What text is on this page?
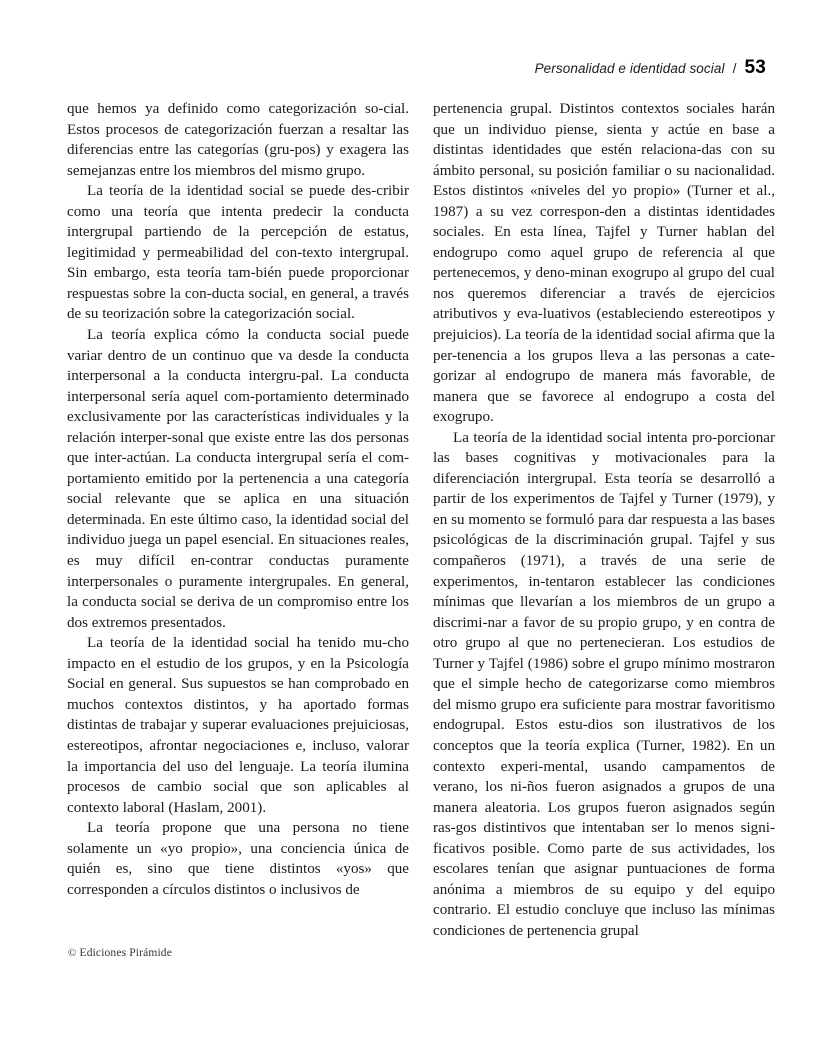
Personalidad e identidad social / 53

que hemos ya definido como categorización so-cial. Estos procesos de categorización fuerzan a resaltar las diferencias entre las categorías (gru-pos) y exagera las semejanzas entre los miembros del mismo grupo.

La teoría de la identidad social se puede des-cribir como una teoría que intenta predecir la conducta intergrupal partiendo de la percepción de estatus, legitimidad y permeabilidad del con-texto intergrupal. Sin embargo, esta teoría tam-bién puede proporcionar respuestas sobre la con-ducta social, en general, a través de su teorización sobre la categorización social.

La teoría explica cómo la conducta social puede variar dentro de un continuo que va desde la conducta interpersonal a la conducta intergru-pal. La conducta interpersonal sería aquel com-portamiento determinado exclusivamente por las características individuales y la relación interper-sonal que existe entre las dos personas que inter-actúan. La conducta intergrupal sería el com-portamiento emitido por la pertenencia a una categoría social relevante que se aplica en una situación determinada. En este último caso, la identidad social del individuo juega un papel esencial. En situaciones reales, es muy difícil en-contrar conductas puramente interpersonales o puramente intergrupales. En general, la conducta social se deriva de un compromiso entre los dos extremos presentados.

La teoría de la identidad social ha tenido mu-cho impacto en el estudio de los grupos, y en la Psicología Social en general. Sus supuestos se han comprobado en muchos contextos distintos, y ha aportado formas distintas de trabajar y superar evaluaciones prejuiciosas, estereotipos, afrontar negociaciones e, incluso, valorar la importancia del uso del lenguaje. La teoría ilumina procesos de cambio social que son aplicables al contexto laboral (Haslam, 2001).

La teoría propone que una persona no tiene solamente un «yo propio», una conciencia única de quién es, sino que tiene distintos «yos» que corresponden a círculos distintos o inclusivos de

pertenencia grupal. Distintos contextos sociales harán que un individuo piense, sienta y actúe en base a distintas identidades que estén relaciona-das con su ámbito personal, su posición familiar o su nacionalidad. Estos distintos «niveles del yo propio» (Turner et al., 1987) a su vez correspon-den a distintas identidades sociales. En esta línea, Tajfel y Turner hablan del endogrupo como aquel grupo de referencia al que pertenecemos, y deno-minan exogrupo al grupo del cual nos queremos diferenciar a través de ejercicios atributivos y eva-luativos (estableciendo estereotipos y prejuicios). La teoría de la identidad social afirma que la per-tenencia a los grupos lleva a las personas a cate-gorizar al endogrupo de manera más favorable, de manera que se favorece al endogrupo a costa del exogrupo.

La teoría de la identidad social intenta pro-porcionar las bases cognitivas y motivacionales para la diferenciación intergrupal. Esta teoría se desarrolló a partir de los experimentos de Tajfel y Turner (1979), y en su momento se formuló para dar respuesta a las bases psicológicas de la discriminación grupal. Tajfel y sus compañeros (1971), a través de una serie de experimentos, in-tentaron establecer las condiciones mínimas que llevarían a los miembros de un grupo a discrimi-nar a favor de su propio grupo, y en contra de otro grupo al que no pertenecieran. Los estudios de Turner y Tajfel (1986) sobre el grupo mínimo mostraron que el simple hecho de categorizarse como miembros del mismo grupo era suficiente para mostrar favoritismo endogrupal. Estos estu-dios son ilustrativos de los conceptos que la teoría explica (Turner, 1982). En un contexto experi-mental, usando campamentos de verano, los ni-ños fueron asignados a grupos de una manera aleatoria. Los grupos fueron asignados según ras-gos distintivos que intentaban ser lo menos signi-ficativos posible. Como parte de sus actividades, los escolares tenían que asignar puntuaciones de forma anónima a miembros de su equipo y del equipo contrario. El estudio concluye que incluso las mínimas condiciones de pertenencia grupal

© Ediciones Pirámide
